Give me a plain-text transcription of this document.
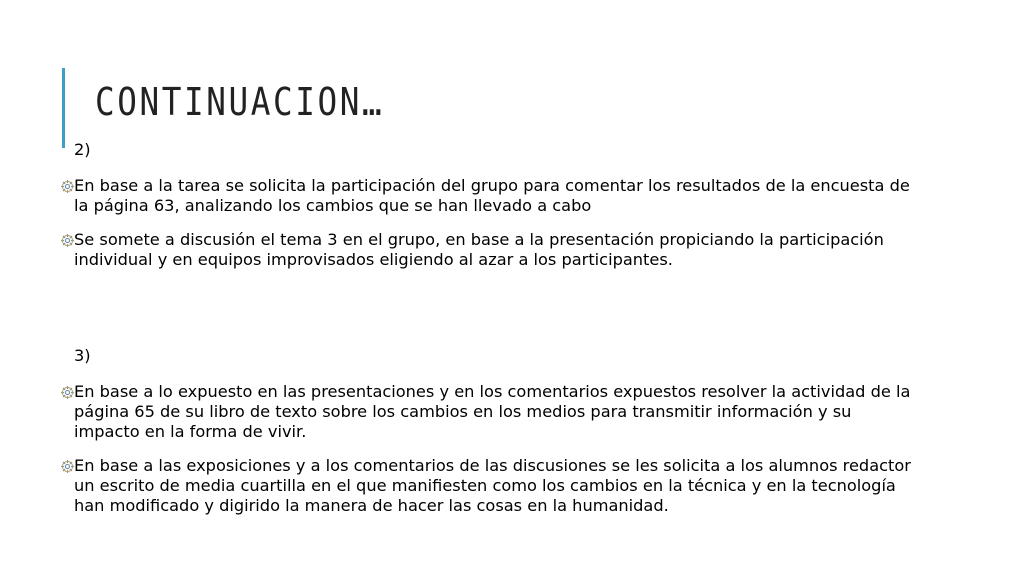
CONTINUACION…

2)

En base a la tarea se solicita la participación del grupo para comentar los resultados de la encuesta de la página 63, analizando los cambios que se han llevado a cabo
Se somete a discusión el tema 3 en el grupo, en base a la presentación propiciando la participación individual y en equipos improvisados eligiendo al azar a los participantes.

3)

En base a lo expuesto en las presentaciones y en los comentarios expuestos resolver la actividad de la página 65 de su libro de texto sobre los cambios en los medios para transmitir información y su impacto en la forma de vivir.
En base a las exposiciones y a los comentarios de las discusiones se les solicita a los alumnos redactor un escrito de media cuartilla en el que manifiesten como los cambios en la técnica y en la tecnología han modificado y digirido la manera de hacer las cosas en la humanidad.
